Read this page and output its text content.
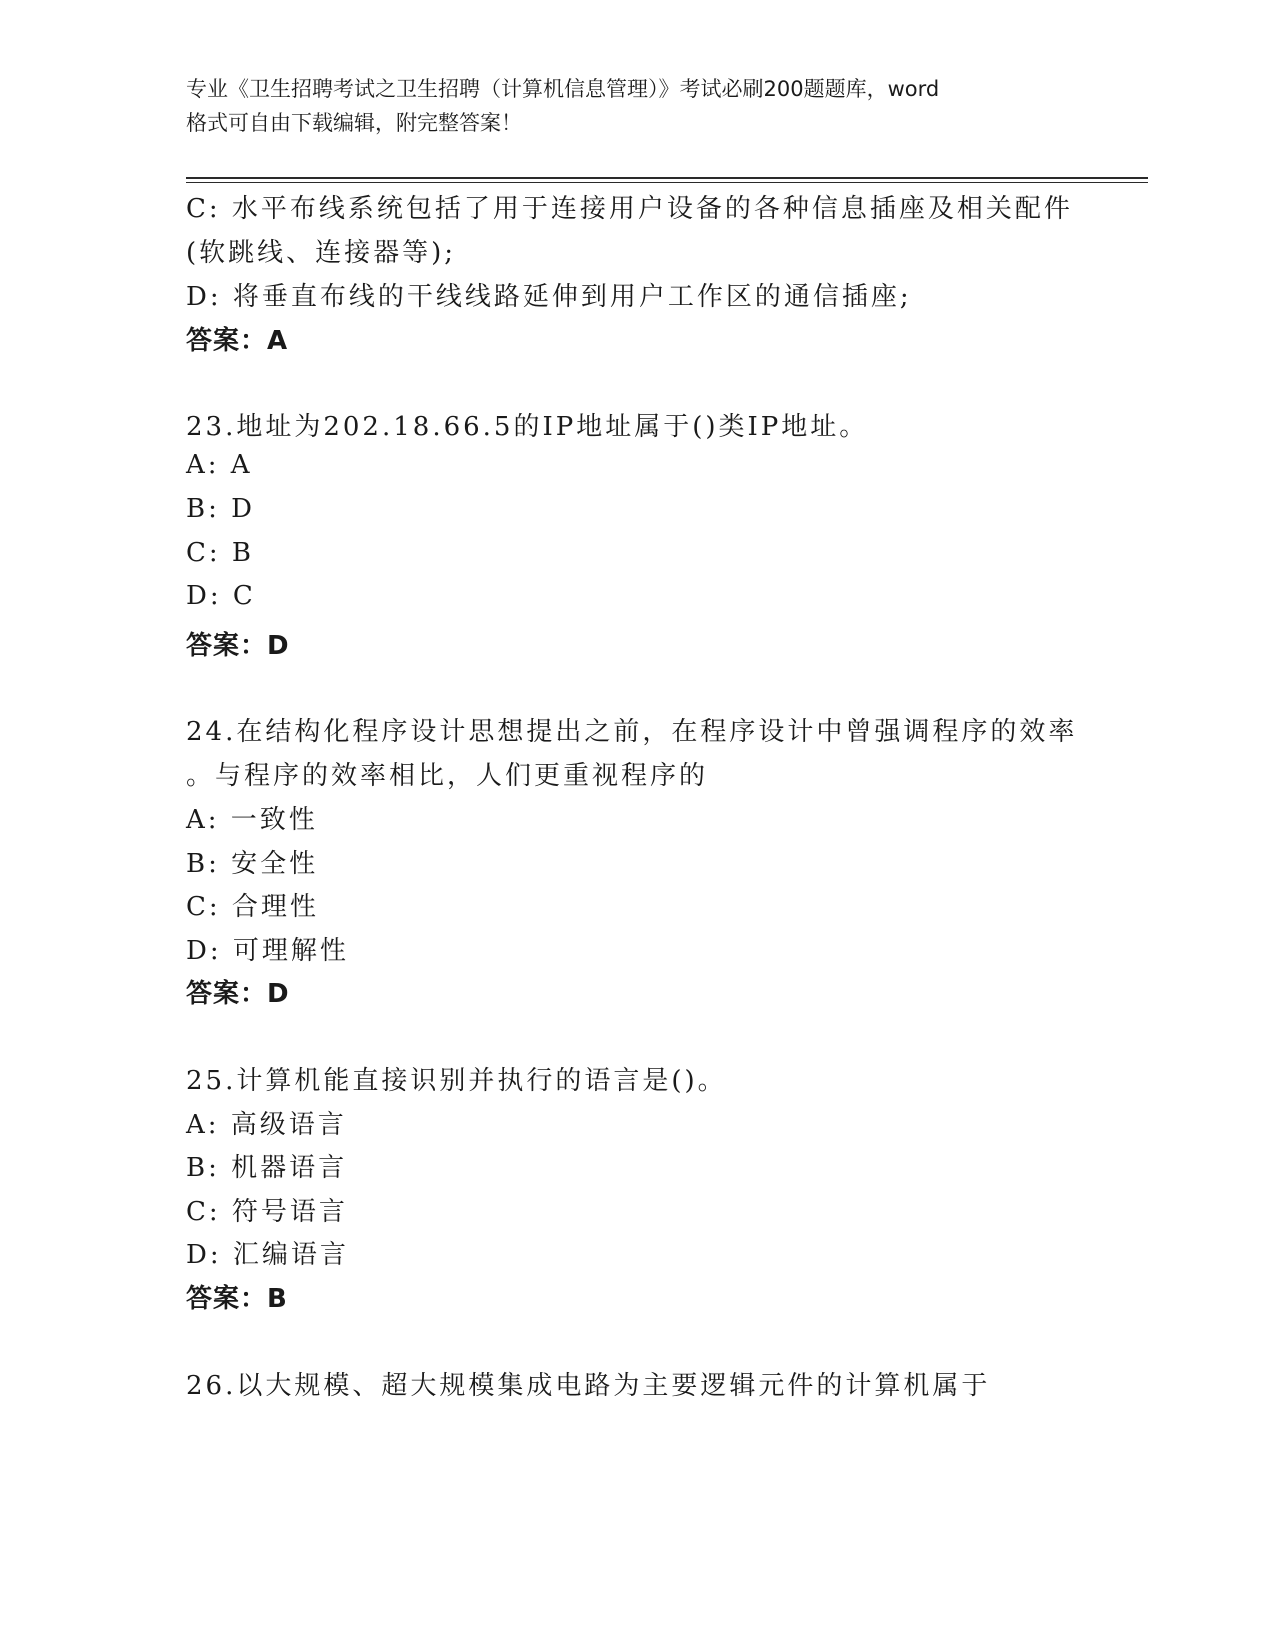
专业《卫生招聘考试之卫生招聘（计算机信息管理）》考试必刷200题题库，word
格式可自由下载编辑，附完整答案！
C: 水平布线系统包括了用于连接用户设备的各种信息插座及相关配件
(软跳线、连接器等);
D: 将垂直布线的干线线路延伸到用户工作区的通信插座;
答案：A
23.地址为202.18.66.5的IP地址属于()类IP地址。
A: A
B: D
C: B
D: C
答案：D
24.在结构化程序设计思想提出之前，在程序设计中曾强调程序的效率
。与程序的效率相比，人们更重视程序的
A: 一致性
B: 安全性
C: 合理性
D: 可理解性
答案：D
25.计算机能直接识别并执行的语言是()。
A: 高级语言
B: 机器语言
C: 符号语言
D: 汇编语言
答案：B
26.以大规模、超大规模集成电路为主要逻辑元件的计算机属于
